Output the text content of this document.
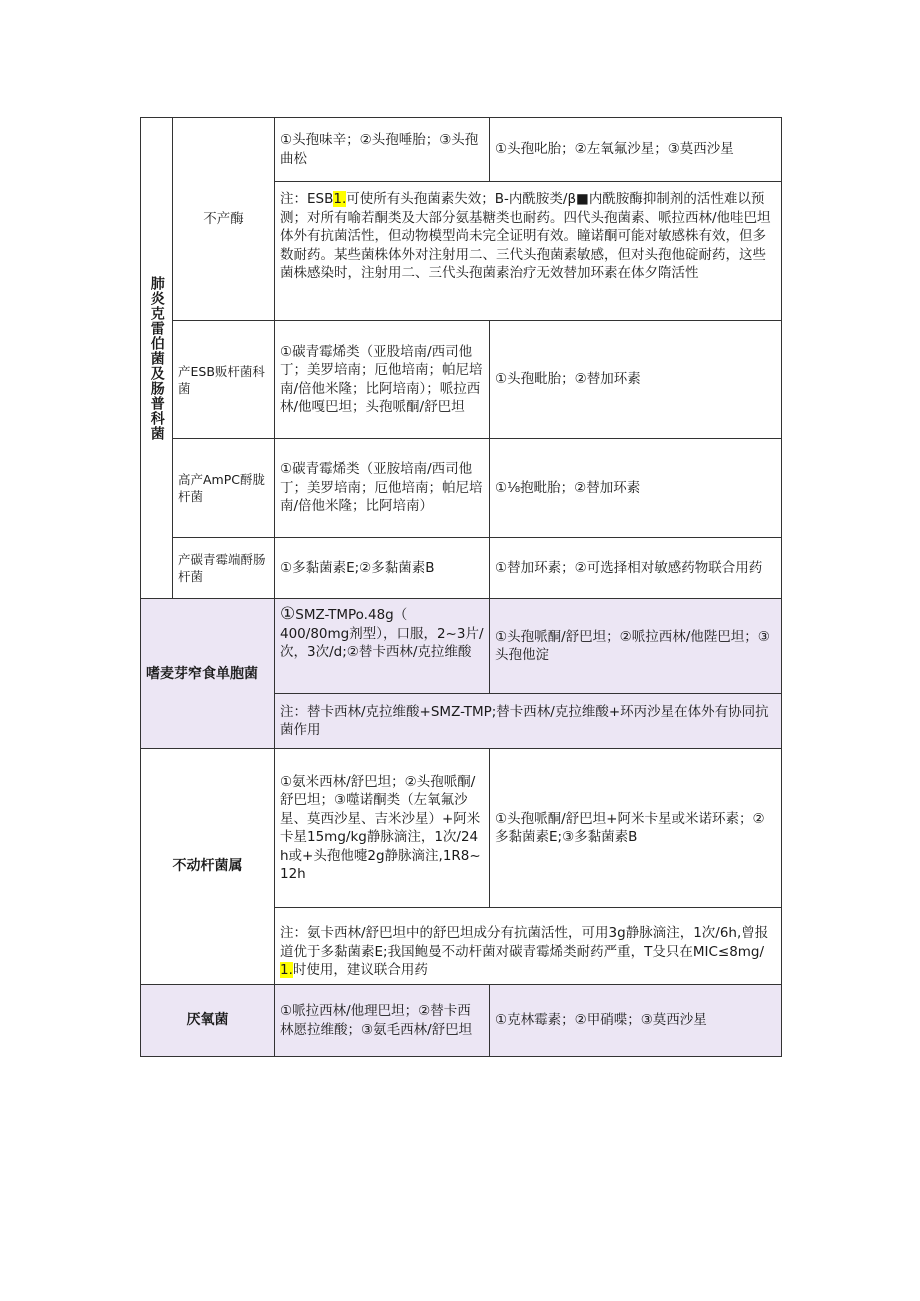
肺炎克雷伯菌及肠普科菌
不产酶
①头孢味辛；②头孢唾胎；③头孢曲松
①头孢叱胎；②左氧氟沙星；③莫西沙星
注：ESB1.可使所有头孢菌素失效；B-内酰胺类/β■内酰胺酶抑制剂的活性难以预测；对所有喻若酮类及大部分氨基糖类也耐药。四代头孢菌素、哌拉西林/他哇巴坦体外有抗菌活性，但动物模型尚未完全证明有效。瞳诺酮可能对敏感株有效，但多数耐药。某些菌株体外对注射用二、三代头孢菌素敏感，但对头孢他碇耐药，这些菌株感染时，注射用二、三代头孢菌素治疗无效替加环素在体夕隋活性
产ESB贩杆菌科菌
①碳青霉烯类（亚股培南/西司他丁；美罗培南；厄他培南；帕尼培南/倍他米隆；比阿培南）；哌拉西林/他嘎巴坦；头孢哌酮/舒巴坦
①头孢毗胎；②替加环素
高产AmPC酹胧杆菌
①碳青霉烯类（亚胺培南/西司他丁；美罗培南；厄他培南；帕尼培南/倍他米隆；比阿培南）
①⅛抱毗胎；②替加环素
产碳青霉端酹肠杆菌
①多黏菌素E;②多黏菌素B	①替加环素；②可选择相对敏感药物联合用药
嗜麦芽窄食单胞菌
①SMZ-TMPo.48g（
400/80mg剂型），口服，2~3片/次，3次/d;②替卡西林/克拉维酸
①头孢哌酮/舒巴坦；②哌拉西林/他陛巴坦；③头孢他淀
注：替卡西林/克拉维酸+SMZ-TMP;替卡西林/克拉维酸+环丙沙星在体外有协同抗菌作用
不动杆菌属
①氨米西林/舒巴坦；②头孢哌酮/舒巴坦；③噬诺酮类（左氧氟沙星、莫西沙星、吉米沙星）+阿米卡星15mg/kg静脉滴注，1次/24h或+头孢他嚏2g静脉滴注,1R8~12h
①头孢哌酮/舒巴坦+阿米卡星或米诺环素；②多黏菌素E;③多黏菌素B
注：氨卡西林/舒巴坦中的舒巴坦成分有抗菌活性，可用3g静脉滴注，1次/6h,曾报道优于多黏菌素E;我国鲍曼不动杆菌对碳青霉烯类耐药严重，T殳只在MIC≤8mg/1.时使用，建议联合用药
厌氧菌
①哌拉西林/他理巴坦；②替卡西林愿拉维酸；③氨毛西林/舒巴坦
①克林霉素；②甲硝喋；③莫西沙星
